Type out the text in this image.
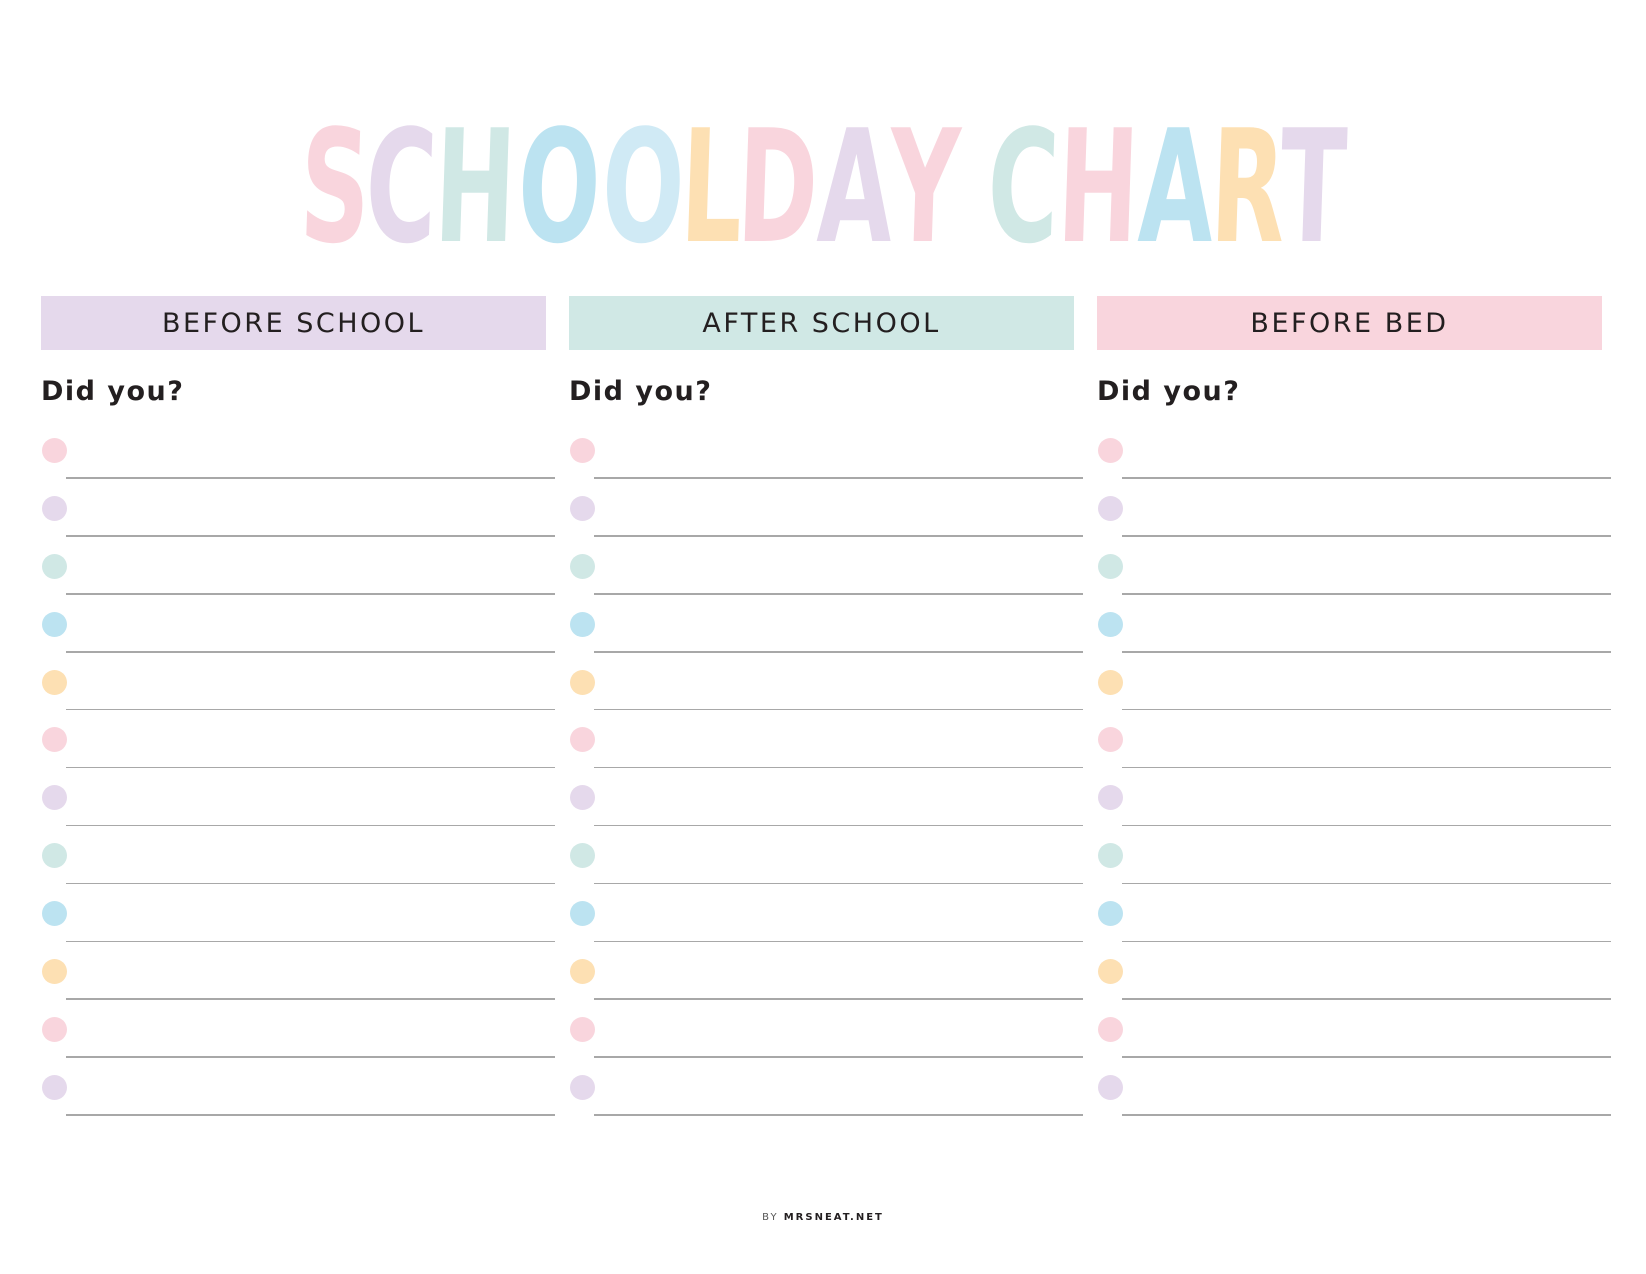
S
C
H
O
O
L
D
A
Y C
H
A
R
T
BEFORE SCHOOL
Did you?
AFTER SCHOOL
Did you?
BEFORE BED
Did you?
BY MRSNEAT.NET
